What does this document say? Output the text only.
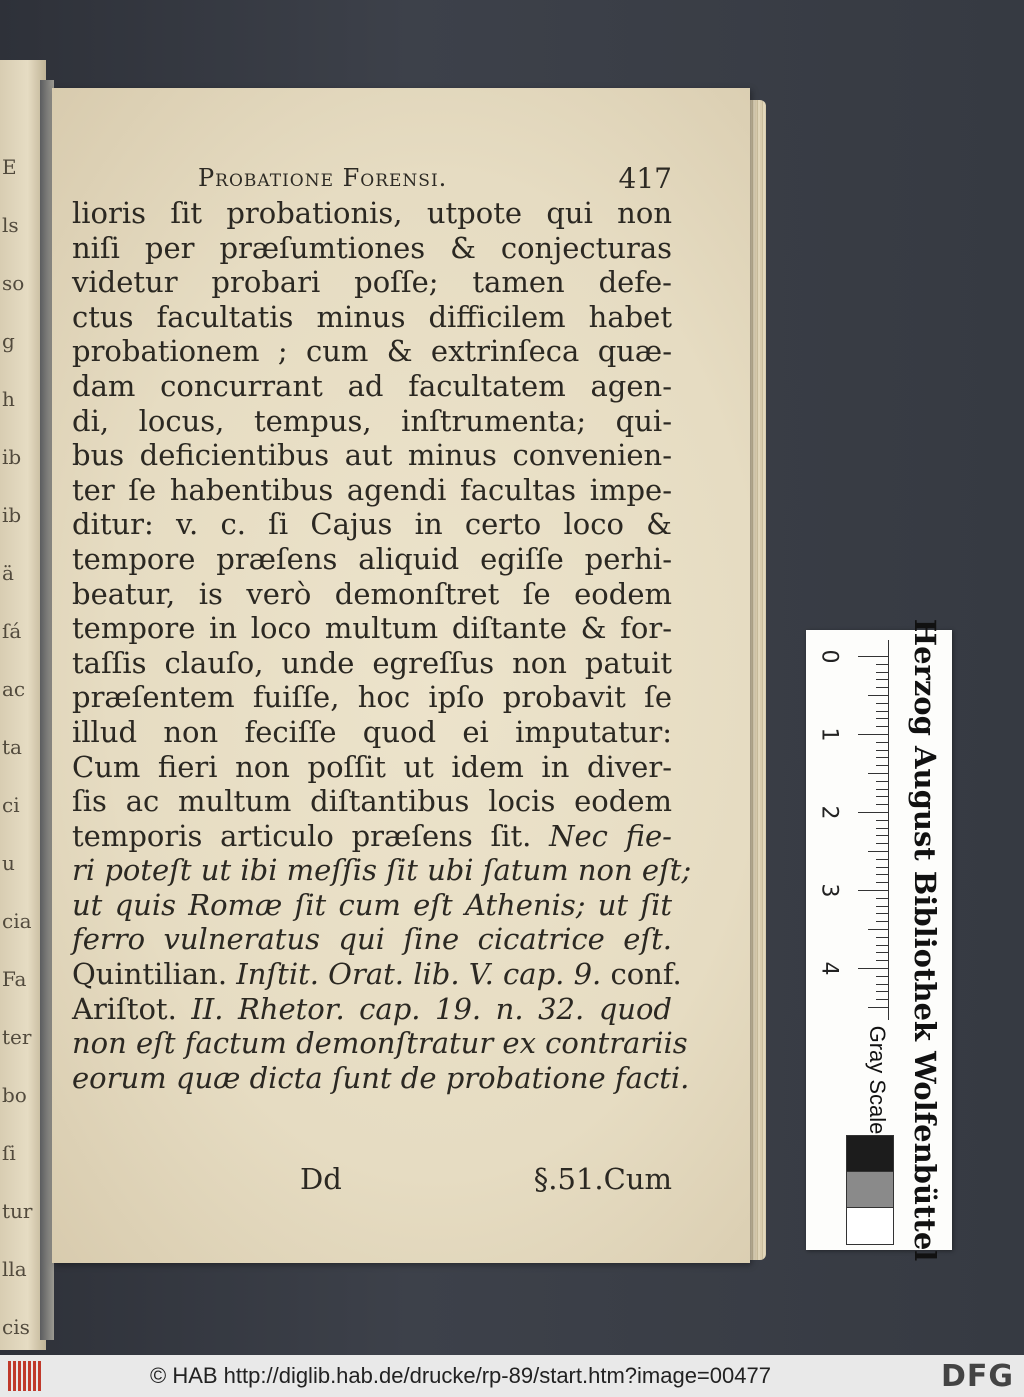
E
ls
so
g
h
ib
ib
ä
ſá
ac
ta
ci
u
cia
Fa
ter
bo
ſi
tur
lla
cis
Probatione Forensi.	417
lioris ſit probationis, utpote qui non
niſi per præſumtiones & conjecturas
videtur probari poſſe; tamen defe-
ctus facultatis minus difficilem habet
probationem ; cum & extrinſeca quæ-
dam concurrant ad facultatem agen-
di, locus, tempus, inſtrumenta; qui-
bus deficientibus aut minus convenien-
ter ſe habentibus agendi facultas impe-
ditur: v. c. ſi Cajus in certo loco &
tempore præſens aliquid egiſſe perhi-
beatur, is verò demonſtret ſe eodem
tempore in loco multum diſtante & for-
taſſis clauſo, unde egreſſus non patuit
præſentem fuiſſe, hoc ipſo probavit ſe
illud non feciſſe quod ei imputatur:
Cum fieri non poſſit ut idem in diver-
ſis ac multum diſtantibus locis eodem
temporis articulo præſens ſit. Nec fie-
ri poteſt ut ibi meſſis ſit ubi ſatum non eſt;
ut quis Romæ ſit cum eſt Athenis; ut ſit
ferro vulneratus qui ſine cicatrice eſt.
Quintilian. Inſtit. Orat. lib. V. cap. 9. conf.
Ariſtot. II. Rhetor. cap. 19. n. 32. quod
non eſt factum demonſtratur ex contrariis
eorum quæ dicta ſunt de probatione facti.
Dd	§.51.Cum
0
1
2
3
4
Gray Scale Herzog August Bibliothek Wolfenbüttel
© HAB http://diglib.hab.de/drucke/rp-89/start.htm?image=00477	DFG
